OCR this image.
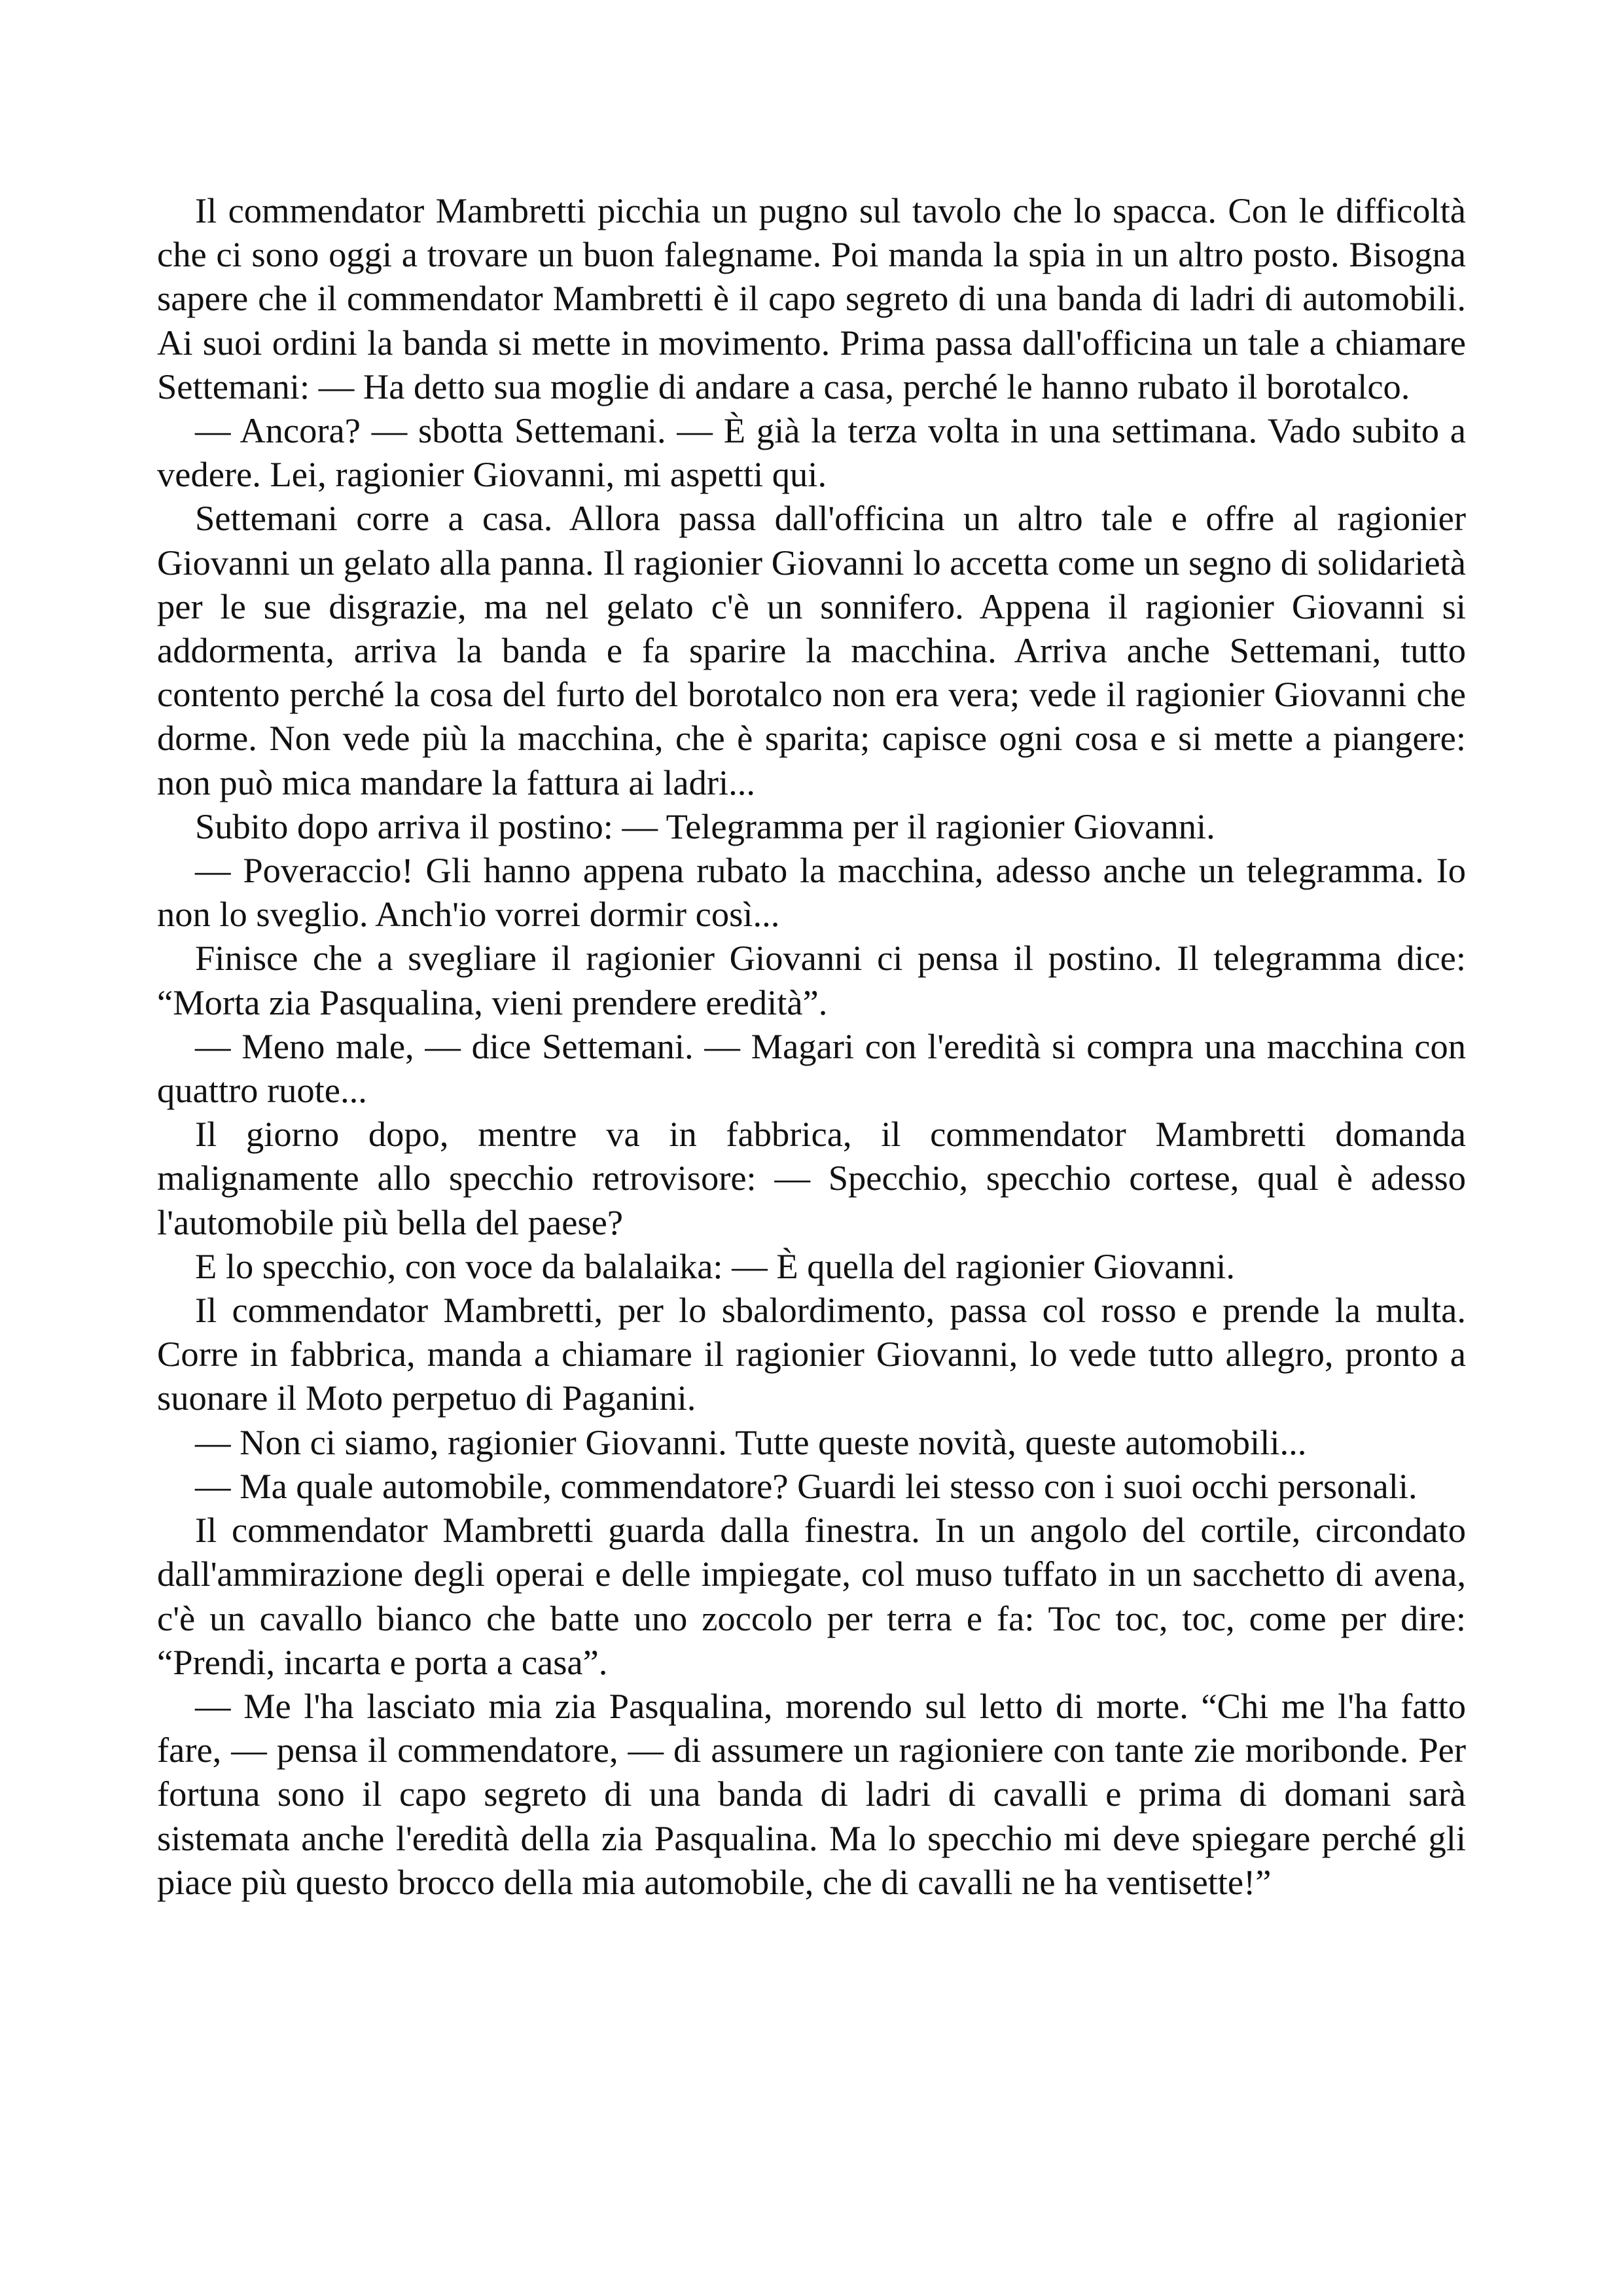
Il commendator Mambretti picchia un pugno sul tavolo che lo spacca. Con le difficoltà che ci sono oggi a trovare un buon falegname. Poi manda la spia in un altro posto. Bisogna sapere che il commendator Mambretti è il capo segreto di una banda di ladri di automobili. Ai suoi ordini la banda si mette in movimento. Prima passa dall'officina un tale a chiamare Settemani: — Ha detto sua moglie di andare a casa, perché le hanno rubato il borotalco.

— Ancora? — sbotta Settemani. — È già la terza volta in una settimana. Vado subito a vedere. Lei, ragionier Giovanni, mi aspetti qui.

Settemani corre a casa. Allora passa dall'officina un altro tale e offre al ragionier Giovanni un gelato alla panna. Il ragionier Giovanni lo accetta come un segno di solidarietà per le sue disgrazie, ma nel gelato c'è un sonnifero. Appena il ragionier Giovanni si addormenta, arriva la banda e fa sparire la macchina. Arriva anche Settemani, tutto contento perché la cosa del furto del borotalco non era vera; vede il ragionier Giovanni che dorme. Non vede più la macchina, che è sparita; capisce ogni cosa e si mette a piangere: non può mica mandare la fattura ai ladri...

Subito dopo arriva il postino: — Telegramma per il ragionier Giovanni.

— Poveraccio! Gli hanno appena rubato la macchina, adesso anche un telegramma. Io non lo sveglio. Anch'io vorrei dormir così...

Finisce che a svegliare il ragionier Giovanni ci pensa il postino. Il telegramma dice: “Morta zia Pasqualina, vieni prendere eredità”.

— Meno male, — dice Settemani. — Magari con l'eredità si compra una macchina con quattro ruote...

Il giorno dopo, mentre va in fabbrica, il commendator Mambretti domanda malignamente allo specchio retrovisore: — Specchio, specchio cortese, qual è adesso l'automobile più bella del paese?

E lo specchio, con voce da balalaika: — È quella del ragionier Giovanni.

Il commendator Mambretti, per lo sbalordimento, passa col rosso e prende la multa. Corre in fabbrica, manda a chiamare il ragionier Giovanni, lo vede tutto allegro, pronto a suonare il Moto perpetuo di Paganini.

— Non ci siamo, ragionier Giovanni. Tutte queste novità, queste automobili...

— Ma quale automobile, commendatore? Guardi lei stesso con i suoi occhi personali.

Il commendator Mambretti guarda dalla finestra. In un angolo del cortile, circondato dall'ammirazione degli operai e delle impiegate, col muso tuffato in un sacchetto di avena, c'è un cavallo bianco che batte uno zoccolo per terra e fa: Toc toc, toc, come per dire: “Prendi, incarta e porta a casa”.

— Me l'ha lasciato mia zia Pasqualina, morendo sul letto di morte. “Chi me l'ha fatto fare, — pensa il commendatore, — di assumere un ragioniere con tante zie moribonde. Per fortuna sono il capo segreto di una banda di ladri di cavalli e prima di domani sarà sistemata anche l'eredità della zia Pasqualina. Ma lo specchio mi deve spiegare perché gli piace più questo brocco della mia automobile, che di cavalli ne ha ventisette!”
